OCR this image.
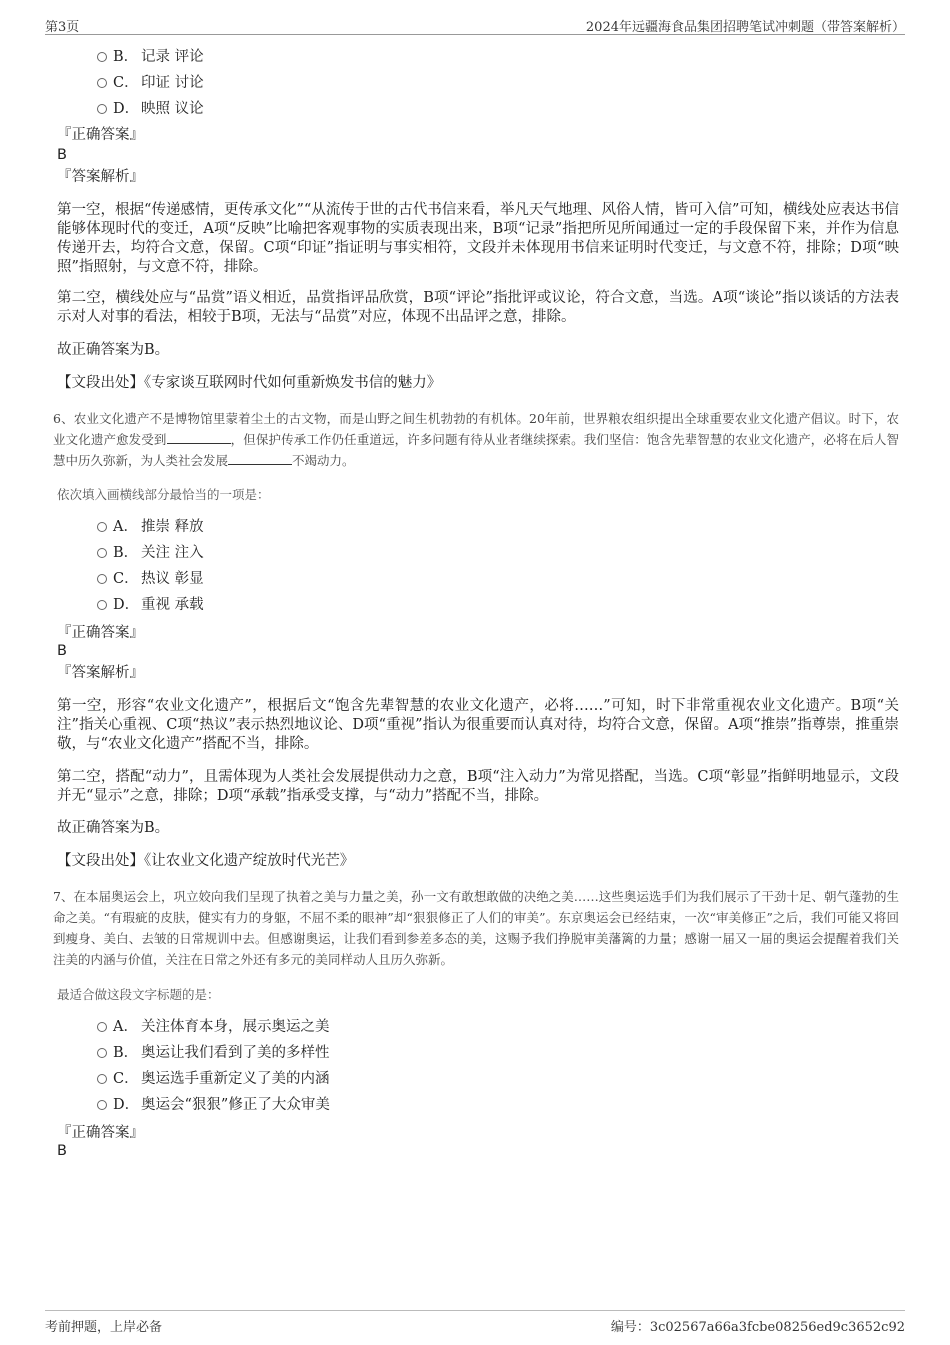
第3页	2024年远疆海食品集团招聘笔试冲刺题（带答案解析）
B． 记录 评论
C． 印证 讨论
D． 映照 议论
『正确答案』
B
『答案解析』
第一空，根据“传递感情，更传承文化”“从流传于世的古代书信来看，举凡天气地理、风俗人情，皆可入信”可知，横线处应表达书信能够体现时代的变迁，A项“反映”比喻把客观事物的实质表现出来，B项“记录”指把所见所闻通过一定的手段保留下来，并作为信息传递开去，均符合文意，保留。C项“印证”指证明与事实相符，文段并未体现用书信来证明时代变迁，与文意不符，排除；D项“映照”指照射，与文意不符，排除。
第二空，横线处应与“品赏”语义相近，品赏指评品欣赏，B项“评论”指批评或议论，符合文意，当选。A项“谈论”指以谈话的方法表示对人对事的看法，相较于B项，无法与“品赏”对应，体现不出品评之意，排除。
故正确答案为B。
【文段出处】《专家谈互联网时代如何重新焕发书信的魅力》
6、农业文化遗产不是博物馆里蒙着尘土的古文物，而是山野之间生机勃勃的有机体。20年前，世界粮农组织提出全球重要农业文化遗产倡议。时下，农业文化遗产愈发受到	，但保护传承工作仍任重道远，许多问题有待从业者继续探索。我们坚信：饱含先辈智慧的农业文化遗产，必将在后人智慧中历久弥新，为人类社会发展	不竭动力。
依次填入画横线部分最恰当的一项是：
A． 推崇 释放
B． 关注 注入
C． 热议 彰显
D． 重视 承载
『正确答案』
B
『答案解析』
第一空，形容“农业文化遗产”，根据后文“饱含先辈智慧的农业文化遗产，必将……”可知，时下非常重视农业文化遗产。B项“关注”指关心重视、C项“热议”表示热烈地议论、D项“重视”指认为很重要而认真对待，均符合文意，保留。A项“推崇”指尊崇，推重崇敬，与“农业文化遗产”搭配不当，排除。
第二空，搭配“动力”，且需体现为人类社会发展提供动力之意，B项“注入动力”为常见搭配，当选。C项“彰显”指鲜明地显示，文段并无“显示”之意，排除；D项“承载”指承受支撑，与“动力”搭配不当，排除。
故正确答案为B。
【文段出处】《让农业文化遗产绽放时代光芒》
7、在本届奥运会上，巩立姣向我们呈现了执着之美与力量之美，孙一文有敢想敢做的决绝之美……这些奥运选手们为我们展示了干劲十足、朝气蓬勃的生命之美。“有瑕疵的皮肤，健实有力的身躯，不屈不柔的眼神”却“狠狠修正了人们的审美”。东京奥运会已经结束，一次“审美修正”之后，我们可能又将回到瘦身、美白、去皱的日常规训中去。但感谢奥运，让我们看到参差多态的美，这赐予我们挣脱审美藩篱的力量；感谢一届又一届的奥运会提醒着我们关注美的内涵与价值，关注在日常之外还有多元的美同样动人且历久弥新。
最适合做这段文字标题的是：
A． 关注体育本身，展示奥运之美
B． 奥运让我们看到了美的多样性
C． 奥运选手重新定义了美的内涵
D． 奥运会“狠狠”修正了大众审美
『正确答案』
B
考前押题，上岸必备	编号：3c02567a66a3fcbe08256ed9c3652c92
